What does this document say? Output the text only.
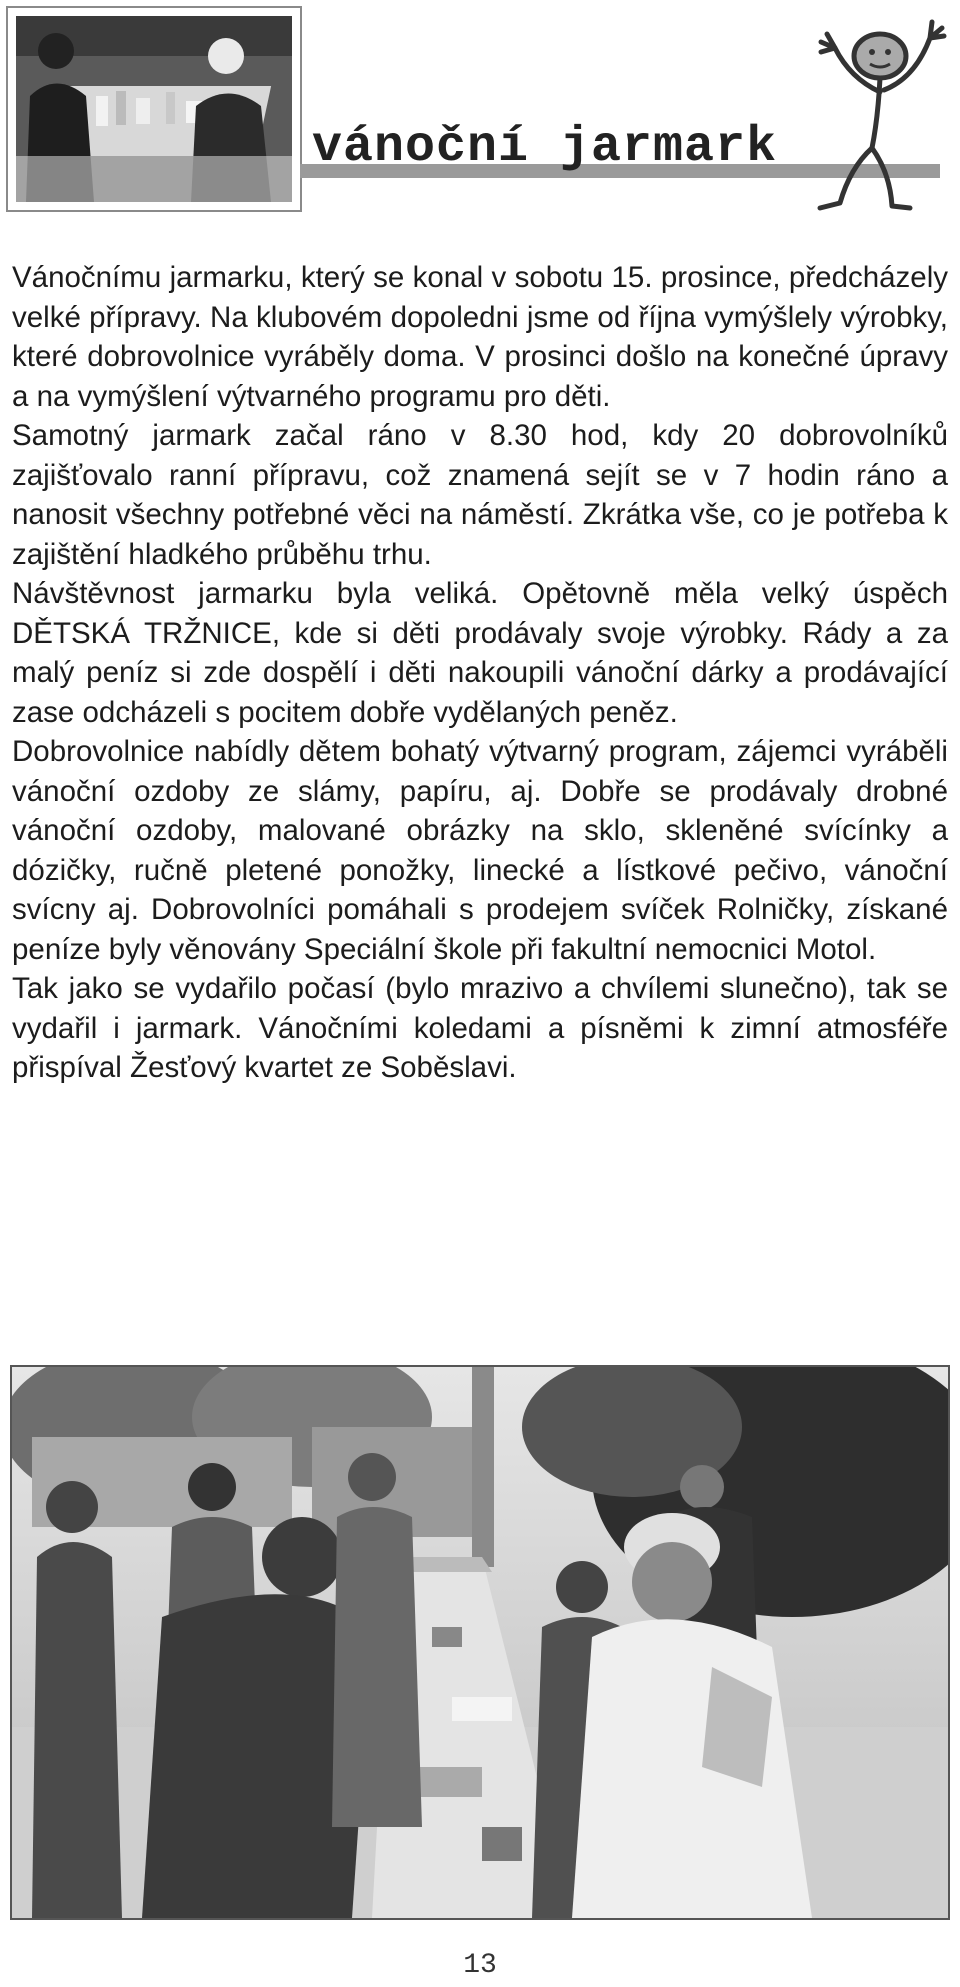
vánoční jarmark

Vánočnímu jarmarku, který se konal v sobotu 15. prosince, předcházely velké přípravy. Na klubovém dopoledni jsme od října vymýšlely výrobky, které dobrovolnice vyráběly doma. V prosinci došlo na konečné úpravy a na vymýšlení výtvarného programu pro děti.

Samotný jarmark začal ráno v 8.30 hod, kdy 20 dobrovolníků zajišťovalo ranní přípravu, což znamená sejít se v 7 hodin ráno a nanosit všechny potřebné věci na náměstí. Zkrátka vše, co je potřeba k zajištění hladkého průběhu trhu.

Návštěvnost jarmarku byla veliká. Opětovně měla velký úspěch DĚTSKÁ TRŽNICE, kde si děti prodávaly svoje výrobky. Rády a za malý peníz si zde dospělí i děti nakoupili vánoční dárky a prodávající zase odcházeli s pocitem dobře vydělaných peněz.

Dobrovolnice nabídly dětem bohatý výtvarný program, zájemci vyráběli vánoční ozdoby ze slámy, papíru, aj. Dobře se prodávaly drobné vánoční ozdoby, malované obrázky na sklo, skleněné svícínky a dózičky, ručně pletené ponožky, linecké a lístkové pečivo, vánoční svícny aj. Dobrovolníci pomáhali s prodejem svíček Rolničky, získané peníze byly věnovány Speciální škole při fakultní nemocnici Motol.

Tak jako se vydařilo počasí (bylo mrazivo a chvílemi slunečno), tak se vydařil i jarmark. Vánočními koledami a písněmi k zimní atmosféře přispíval Žesťový kvartet ze Soběslavi.

13
